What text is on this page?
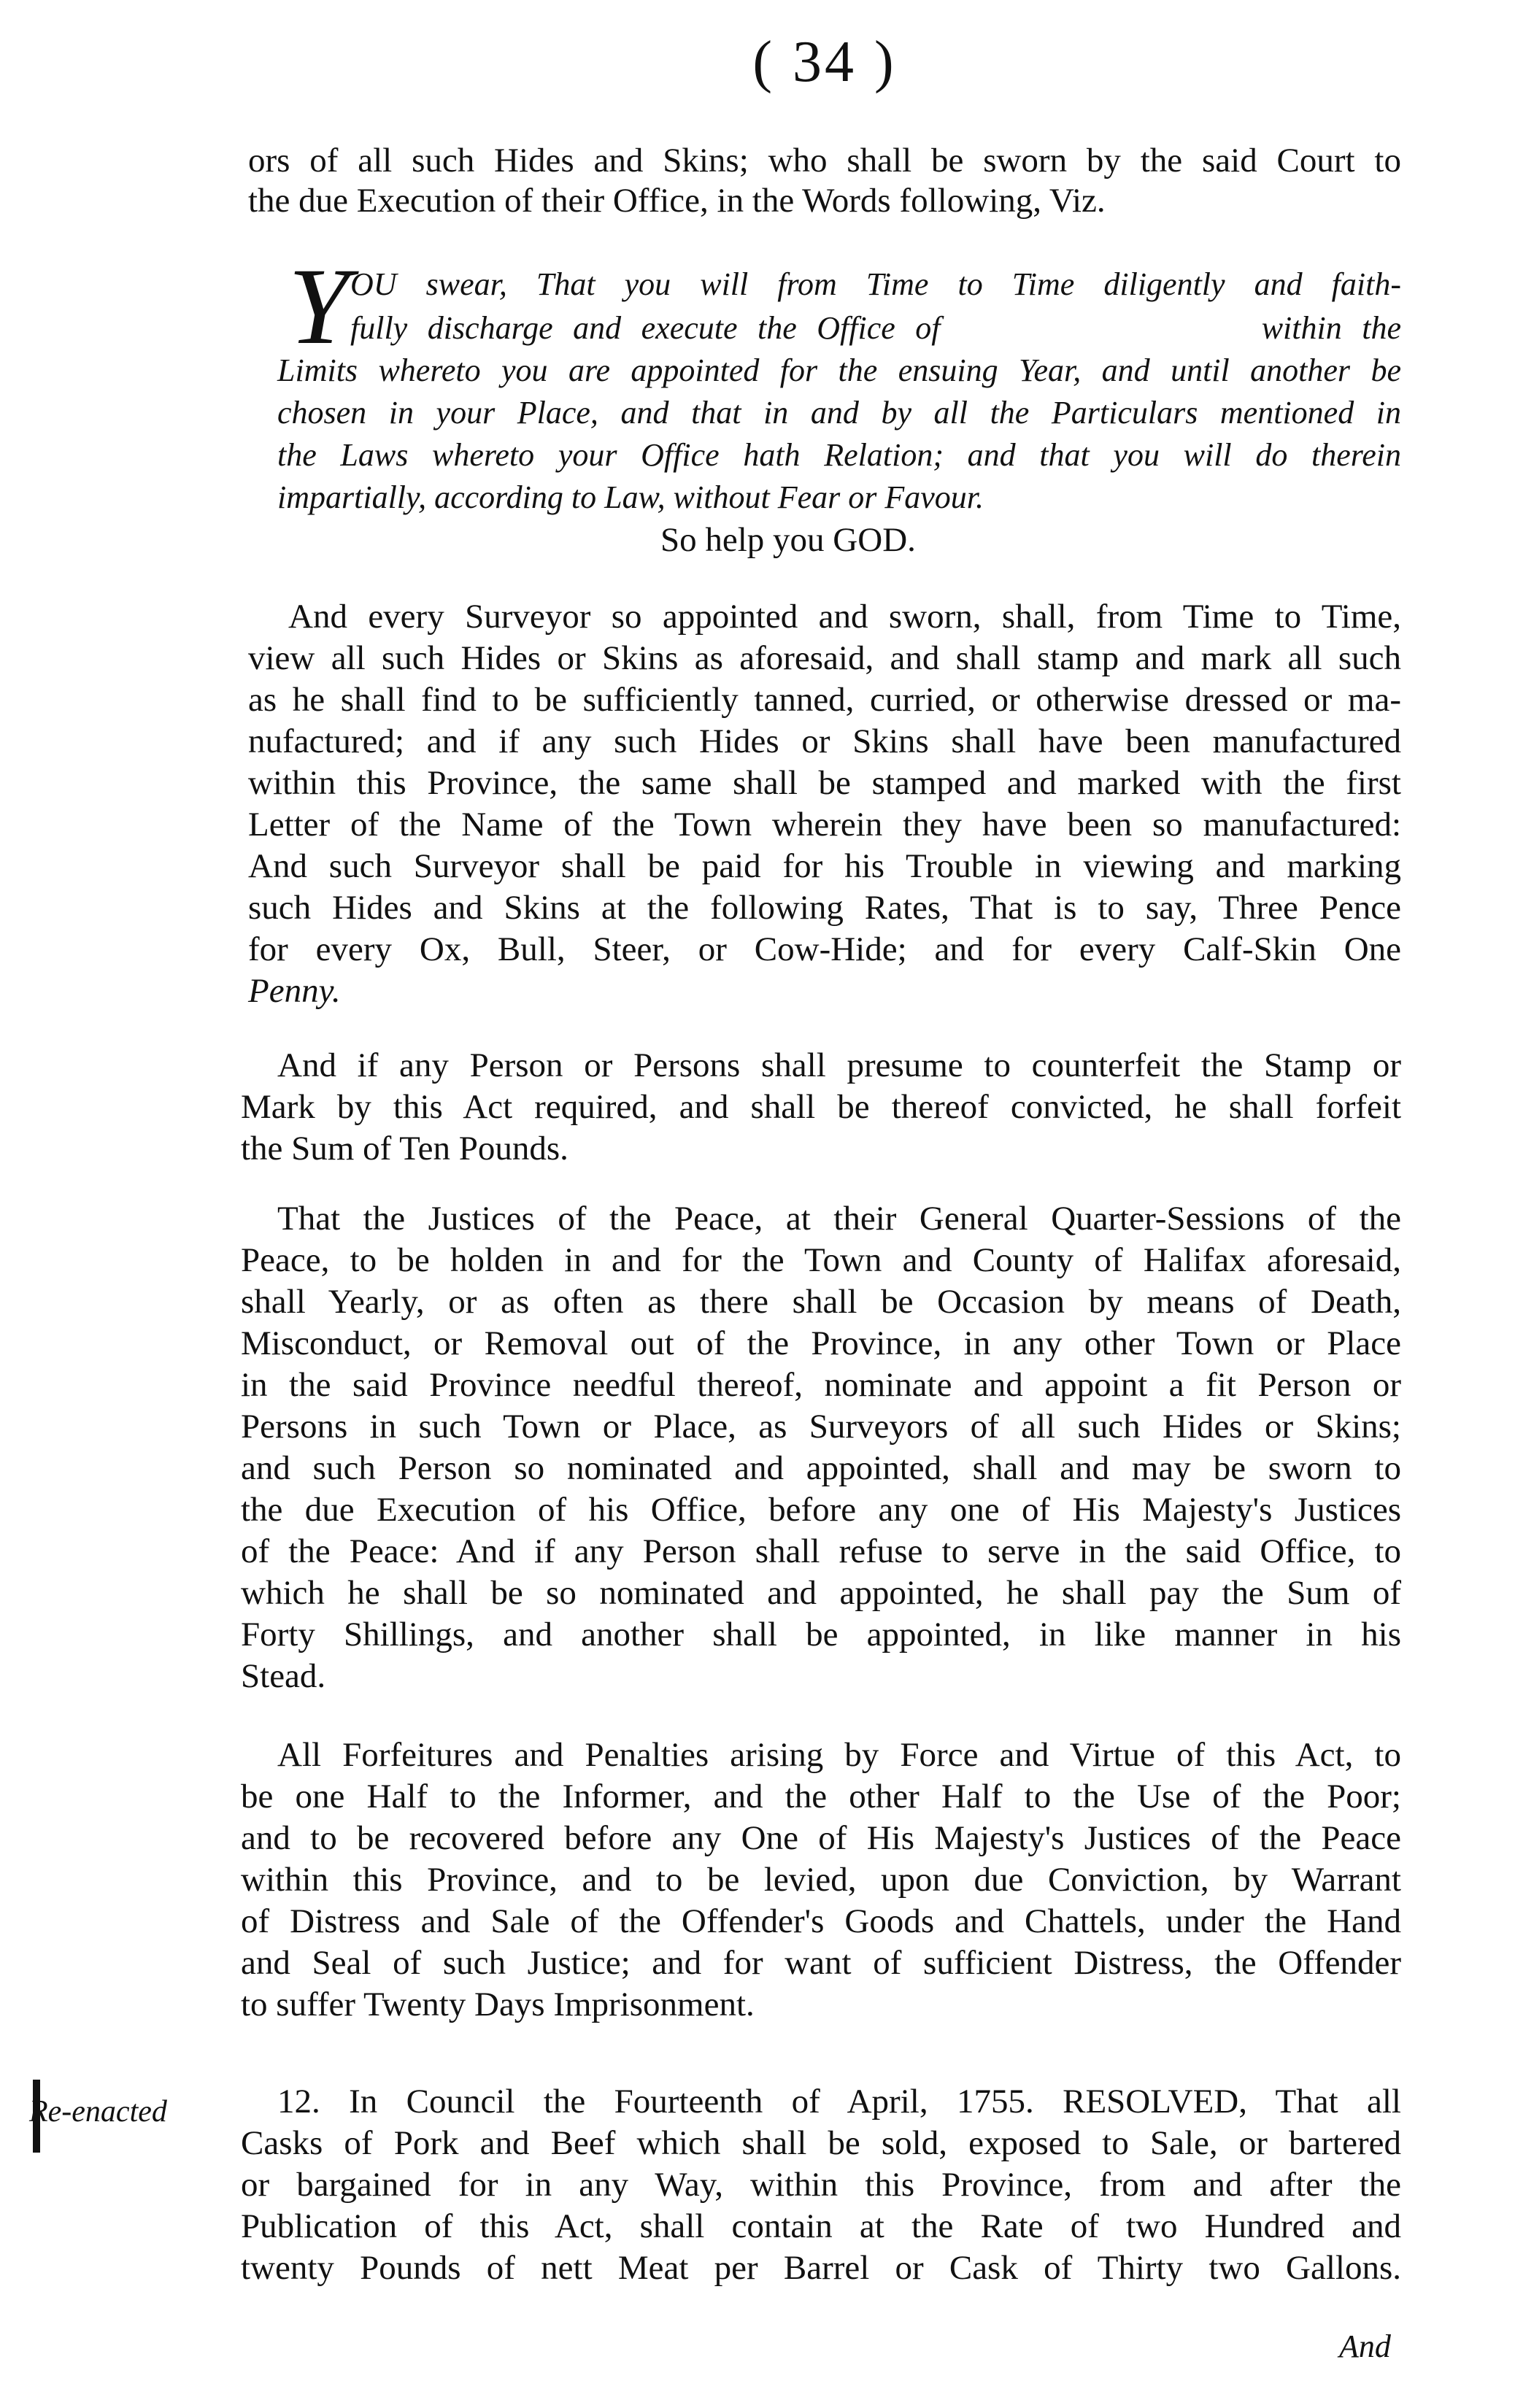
( 34 )
Y
Re-enacted
ors of all such Hides and Skins; who shall be sworn by the said Court to
the due Execution of their Office, in the Words following, Viz.
OU swear, That you will from Time to Time diligently and faith-
fully discharge and execute the Office of                within the
Limits whereto you are appointed for the ensuing Year, and until another be
chosen in your Place, and that in and by all the Particulars mentioned in
the Laws whereto your Office hath Relation; and that you will do therein
impartially, according to Law, without Fear or Favour.
So help you GOD.
And every Surveyor so appointed and sworn, shall, from Time to Time,
view all such Hides or Skins as aforesaid, and shall stamp and mark all such
as he shall find to be sufficiently tanned, curried, or otherwise dressed or ma-
nufactured; and if any such Hides or Skins shall have been manufactured
within this Province, the same shall be stamped and marked with the first
Letter of the Name of the Town wherein they have been so manufactured:
And such Surveyor shall be paid for his Trouble in viewing and marking
such Hides and Skins at the following Rates, That is to say, Three Pence
for every Ox, Bull, Steer, or Cow-Hide; and for every Calf-Skin One
Penny.
And if any Person or Persons shall presume to counterfeit the Stamp or
Mark by this Act required, and shall be thereof convicted, he shall forfeit
the Sum of Ten Pounds.
That the Justices of the Peace, at their General Quarter-Sessions of the
Peace, to be holden in and for the Town and County of Halifax aforesaid,
shall Yearly, or as often as there shall be Occasion by means of Death,
Misconduct, or Removal out of the Province, in any other Town or Place
in the said Province needful thereof, nominate and appoint a fit Person or
Persons in such Town or Place, as Surveyors of all such Hides or Skins;
and such Person so nominated and appointed, shall and may be sworn to
the due Execution of his Office, before any one of His Majesty's Justices
of the Peace: And if any Person shall refuse to serve in the said Office, to
which he shall be so nominated and appointed, he shall pay the Sum of
Forty Shillings, and another shall be appointed, in like manner in his
Stead.
All Forfeitures and Penalties arising by Force and Virtue of this Act, to
be one Half to the Informer, and the other Half to the Use of the Poor;
and to be recovered before any One of His Majesty's Justices of the Peace
within this Province, and to be levied, upon due Conviction, by Warrant
of Distress and Sale of the Offender's Goods and Chattels, under the Hand
and Seal of such Justice; and for want of sufficient Distress, the Offender
to suffer Twenty Days Imprisonment.
12. In Council the Fourteenth of April, 1755. RESOLVED, That all
Casks of Pork and Beef which shall be sold, exposed to Sale, or bartered
or bargained for in any Way, within this Province, from and after the
Publication of this Act, shall contain at the Rate of two Hundred and
twenty Pounds of nett Meat per Barrel or Cask of Thirty two Gallons.
And
